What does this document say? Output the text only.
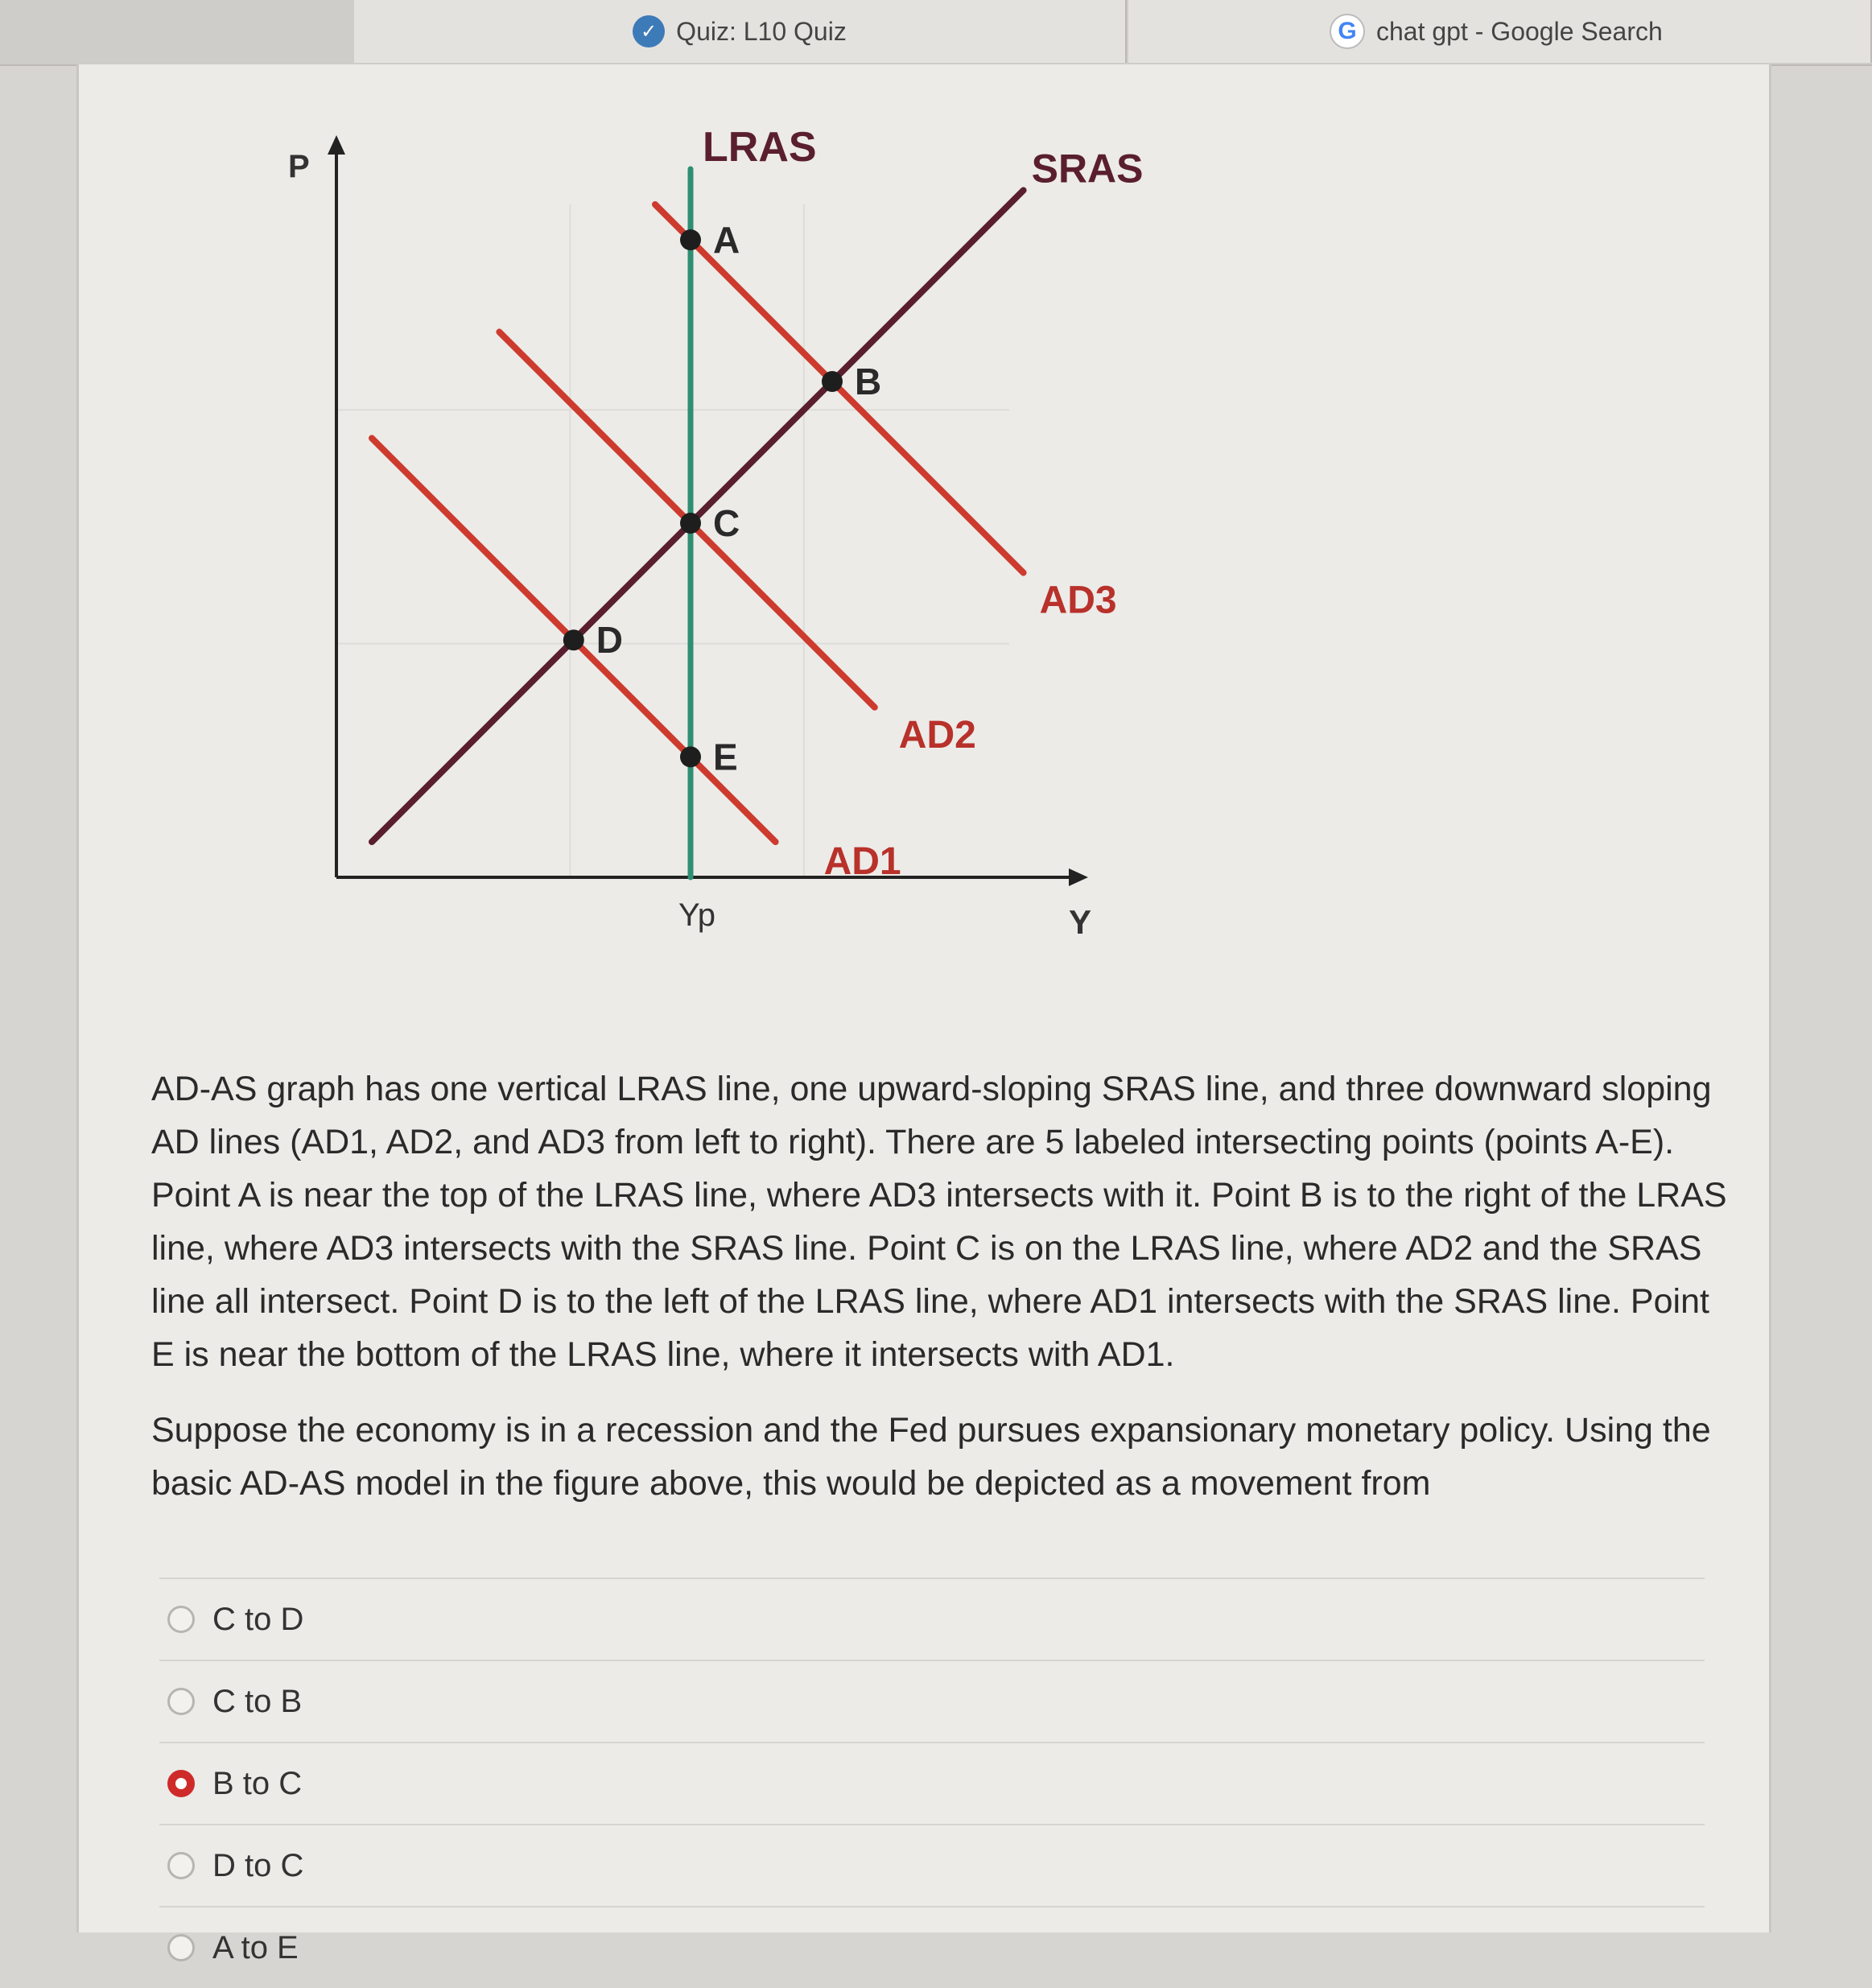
✓ Quiz: L10 Quiz	G chat gpt - Google Search
P
Y
Yp
LRAS	SRAS
AD1
AD2
AD3
A
B
C
D
E

AD-AS graph has one vertical LRAS line, one upward-sloping SRAS line, and three downward sloping AD lines (AD1, AD2, and AD3 from left to right). There are 5 labeled intersecting points (points A-E). Point A is near the top of the LRAS line, where AD3 intersects with it. Point B is to the right of the LRAS line, where AD3 intersects with the SRAS line. Point C is on the LRAS line, where AD2 and the SRAS line all intersect. Point D is to the left of the LRAS line, where AD1 intersects with the SRAS line. Point E is near the bottom of the LRAS line, where it intersects with AD1.

Suppose the economy is in a recession and the Fed pursues expansionary monetary policy. Using the basic AD-AS model in the figure above, this would be depicted as a movement from

C to D
C to B
B to C
D to C
A to E
